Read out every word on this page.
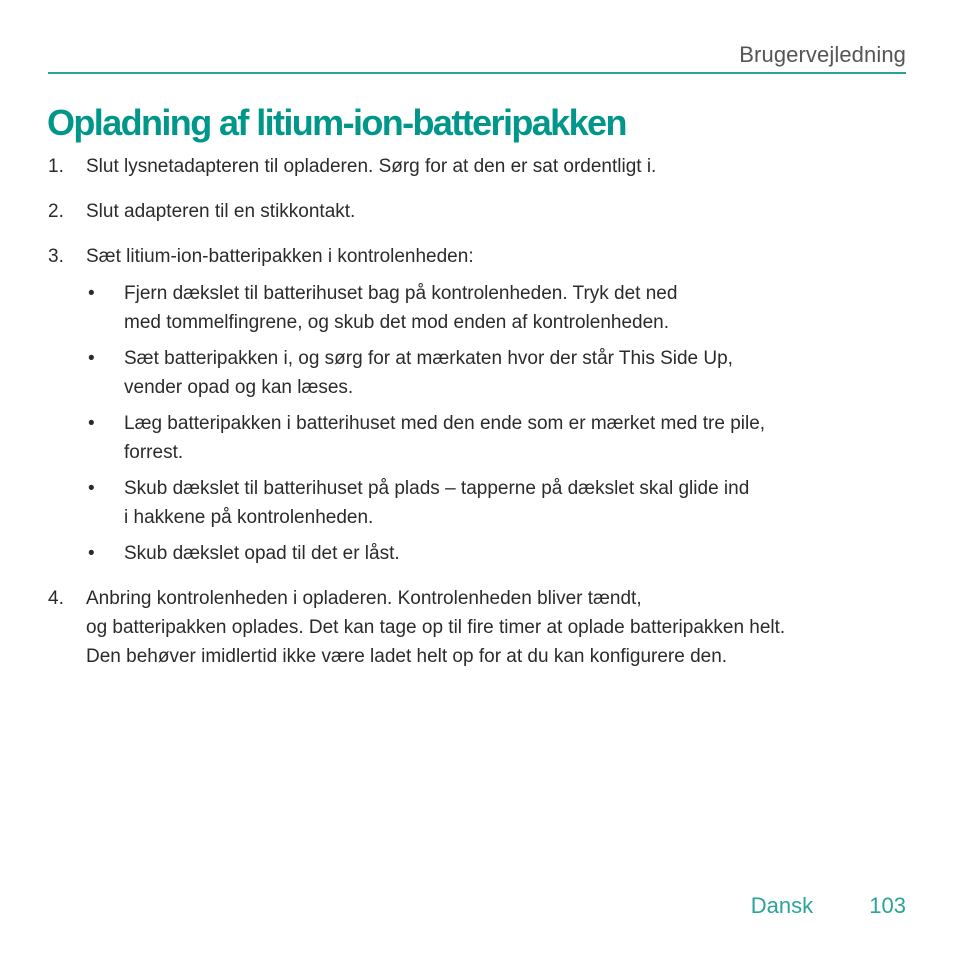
Brugervejledning
Opladning af litium-ion-batteripakken
1. Slut lysnetadapteren til opladeren. Sørg for at den er sat ordentligt i.
2. Slut adapteren til en stikkontakt.
3. Sæt litium-ion-batteripakken i kontrolenheden:
• Fjern dækslet til batterihuset bag på kontrolenheden. Tryk det ned
med tommelfingrene, og skub det mod enden af kontrolenheden.
• Sæt batteripakken i, og sørg for at mærkaten hvor der står This Side Up,
vender opad og kan læses.
• Læg batteripakken i batterihuset med den ende som er mærket med tre pile,
forrest.
• Skub dækslet til batterihuset på plads – tapperne på dækslet skal glide ind
i hakkene på kontrolenheden.
• Skub dækslet opad til det er låst.
4. Anbring kontrolenheden i opladeren. Kontrolenheden bliver tændt,
og batteripakken oplades. Det kan tage op til fire timer at oplade batteripakken helt.
Den behøver imidlertid ikke være ladet helt op for at du kan konfigurere den.
Dansk	103
